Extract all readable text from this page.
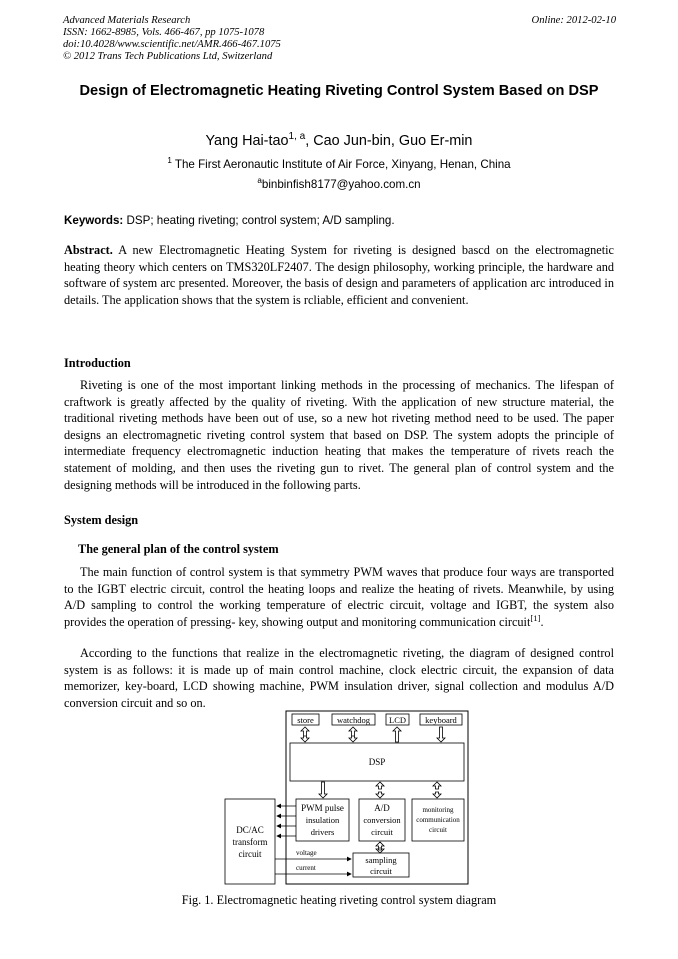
Advanced Materials Research
ISSN: 1662-8985, Vols. 466-467, pp 1075-1078
doi:10.4028/www.scientific.net/AMR.466-467.1075
© 2012 Trans Tech Publications Ltd, Switzerland
Online: 2012-02-10
Design of Electromagnetic Heating Riveting Control System Based on DSP
Yang Hai-tao$^{1, a}$, Cao Jun-bin, Guo Er-min
$^1$ The First Aeronautic Institute of Air Force, Xinyang, Henan, China
$^a$binbinfish8177@yahoo.com.cn
Keywords: DSP; heating riveting; control system; A/D sampling.
Abstract. A new Electromagnetic Heating System for riveting is designed bascd on the electromagnetic heating theory which centers on TMS320LF2407. The design philosophy, working principle, the hardware and software of system arc presented. Moreover, the basis of design and parameters of application arc introduced in details. The application shows that the system is rcliable, efficient and convenient.
Introduction
Riveting is one of the most important linking methods in the processing of mechanics. The lifespan of craftwork is greatly affected by the quality of riveting. With the application of new structure material, the traditional riveting methods have been out of use, so a new hot riveting method need to be used. The paper designs an electromagnetic riveting control system that based on DSP. The system adopts the principle of intermediate frequency electromagnetic induction heating that makes the temperature of rivets reach the statement of molding, and then uses the riveting gun to rivet. The general plan of control system and the designing methods will be introduced in the following parts.
System design
The general plan of the control system
The main function of control system is that symmetry PWM waves that produce four ways are transported to the IGBT electric circuit, control the heating loops and realize the heating of rivets. Meanwhile, by using A/D sampling to control the working temperature of electric circuit, voltage and IGBT, the system also provides the operation of pressing- key, showing output and monitoring communication circuit[1].
According to the functions that realize in the electromagnetic riveting, the diagram of designed control system is as follows: it is made up of main control machine, clock electric circuit, the expansion of data memorizer, key-board, LCD showing machine, PWM insulation driver, signal collection and modulus A/D conversion circuit and so on.
store	watchdog LCD keyboard
DSP
PWM pulse
insulation
drivers
A/D
conversion
circuit
monitoring
communication
circuit
DC/AC
transform
circuit	voltage
current
sampling
circuit
Fig. 1. Electromagnetic heating riveting control system diagram
